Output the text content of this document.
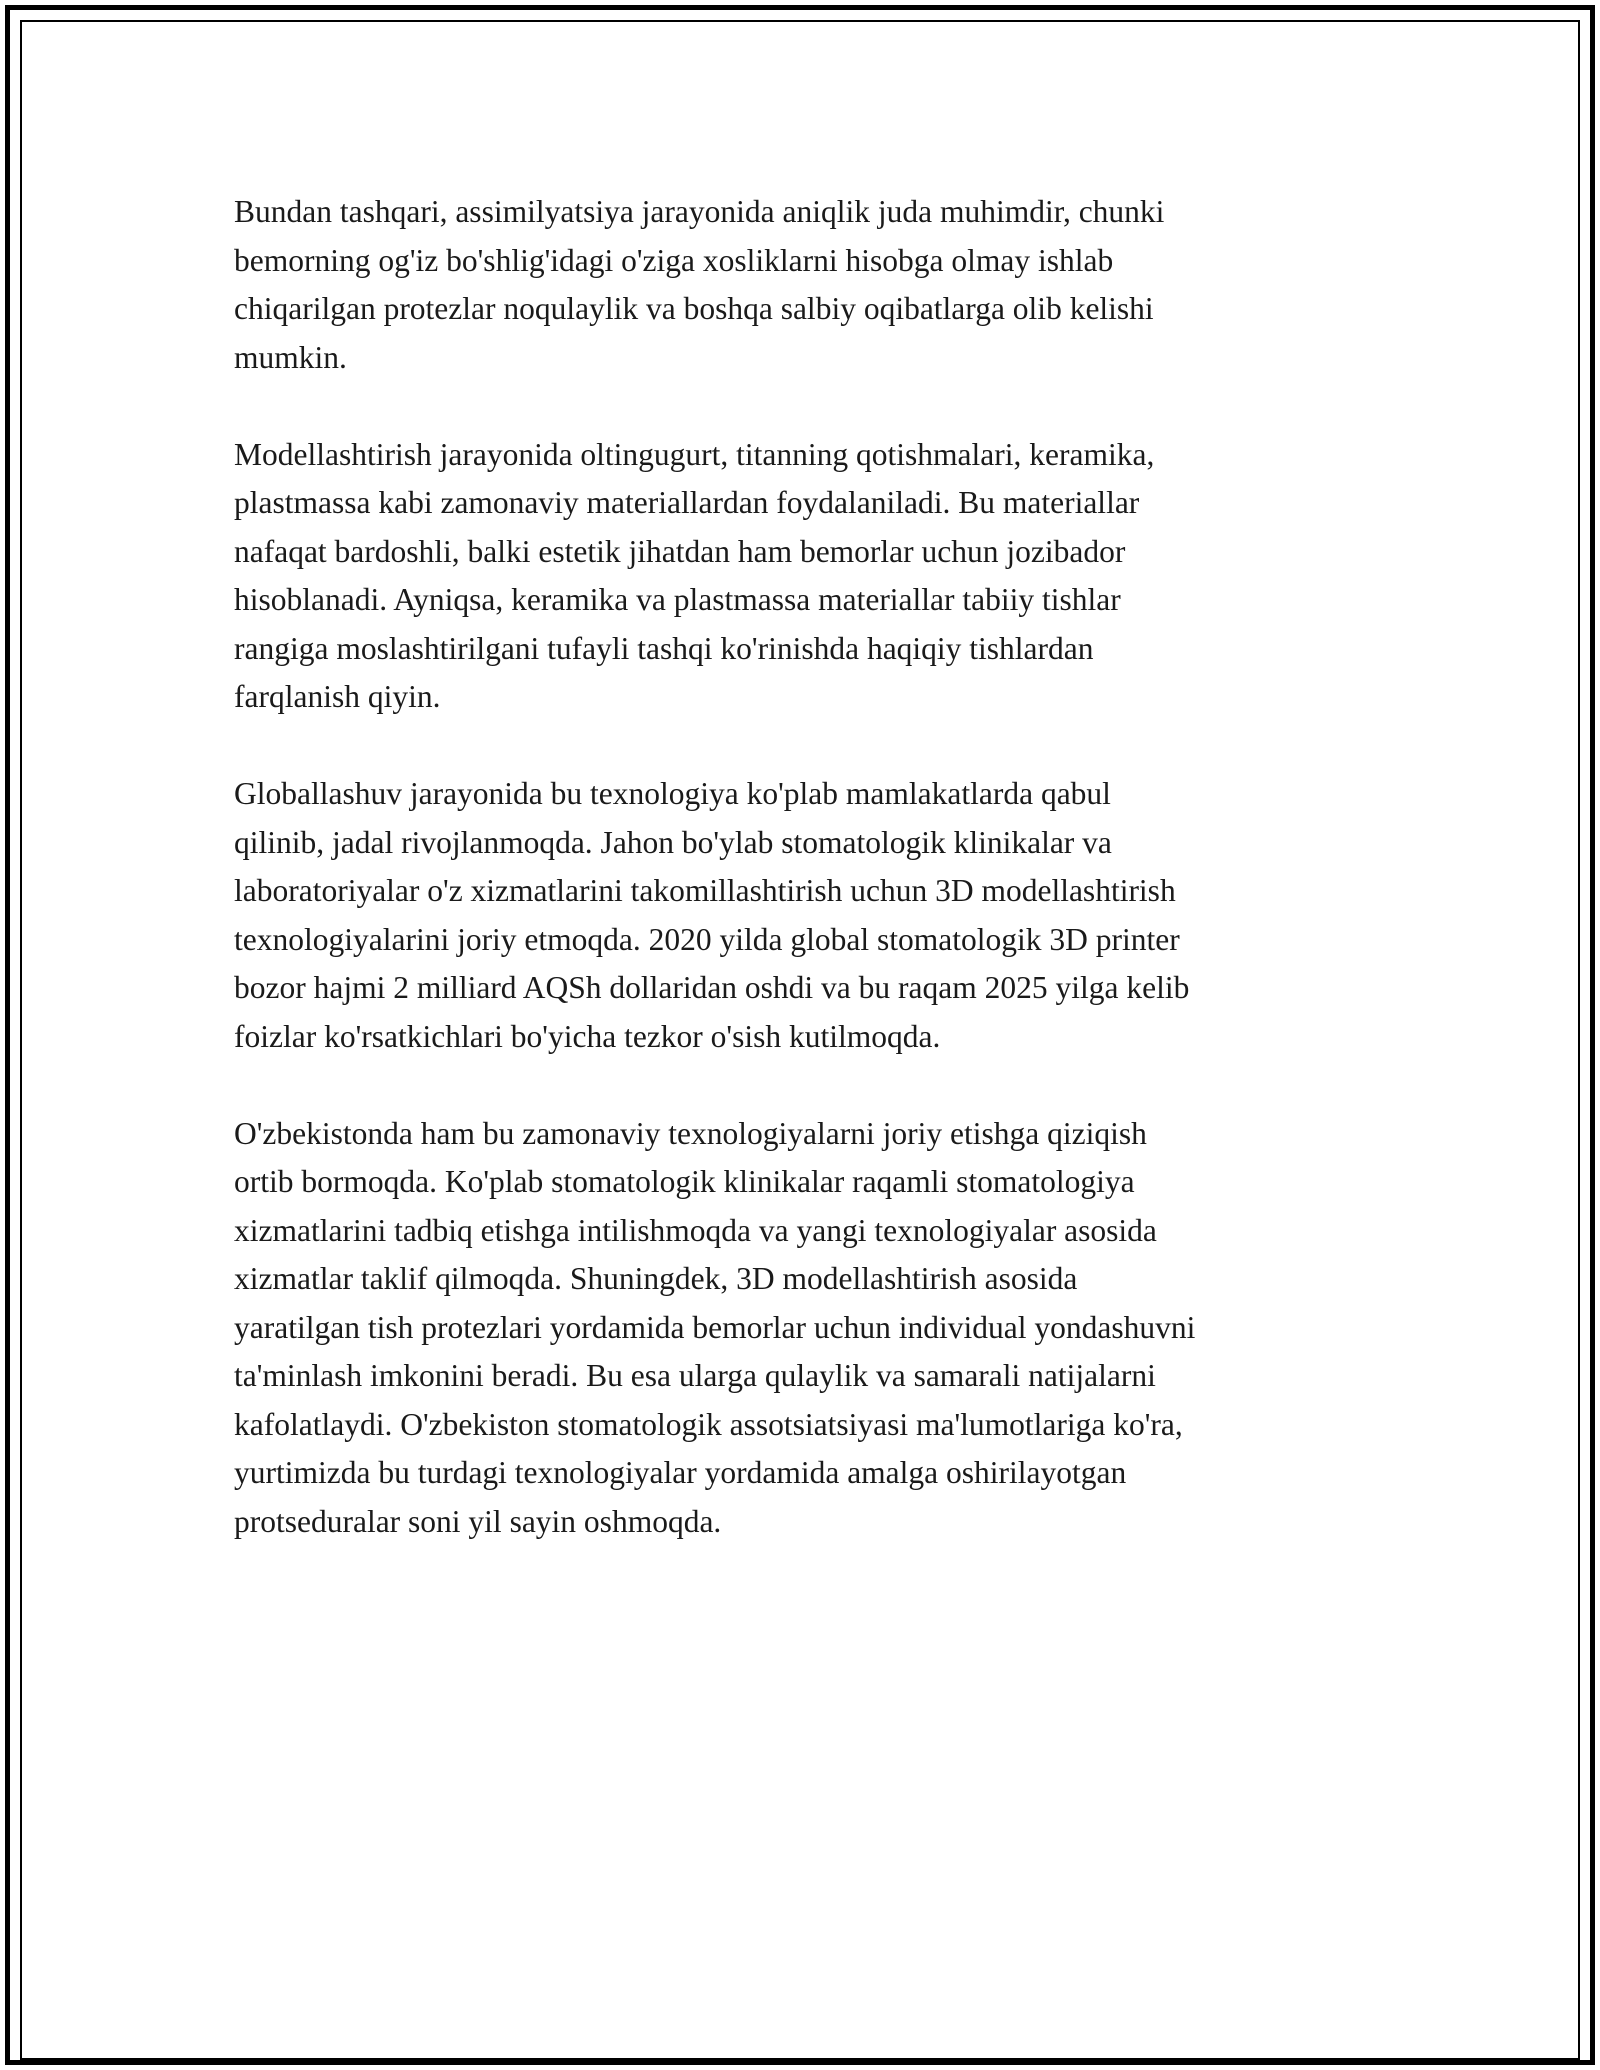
Bundan tashqari, assimilyatsiya jarayonida aniqlik juda muhimdir, chunki
bemorning og'iz bo'shlig'idagi o'ziga xosliklarni hisobga olmay ishlab
chiqarilgan protezlar noqulaylik va boshqa salbiy oqibatlarga olib kelishi
mumkin.

Modellashtirish jarayonida oltingugurt, titanning qotishmalari, keramika,
plastmassa kabi zamonaviy materiallardan foydalaniladi. Bu materiallar
nafaqat bardoshli, balki estetik jihatdan ham bemorlar uchun jozibador
hisoblanadi. Ayniqsa, keramika va plastmassa materiallar tabiiy tishlar
rangiga moslashtirilgani tufayli tashqi ko'rinishda haqiqiy tishlardan
farqlanish qiyin.

Globallashuv jarayonida bu texnologiya ko'plab mamlakatlarda qabul
qilinib, jadal rivojlanmoqda. Jahon bo'ylab stomatologik klinikalar va
laboratoriyalar o'z xizmatlarini takomillashtirish uchun 3D modellashtirish
texnologiyalarini joriy etmoqda. 2020 yilda global stomatologik 3D printer
bozor hajmi 2 milliard AQSh dollaridan oshdi va bu raqam 2025 yilga kelib
foizlar ko'rsatkichlari bo'yicha tezkor o'sish kutilmoqda.

O'zbekistonda ham bu zamonaviy texnologiyalarni joriy etishga qiziqish
ortib bormoqda. Ko'plab stomatologik klinikalar raqamli stomatologiya
xizmatlarini tadbiq etishga intilishmoqda va yangi texnologiyalar asosida
xizmatlar taklif qilmoqda. Shuningdek, 3D modellashtirish asosida
yaratilgan tish protezlari yordamida bemorlar uchun individual yondashuvni
ta'minlash imkonini beradi. Bu esa ularga qulaylik va samarali natijalarni
kafolatlaydi. O'zbekiston stomatologik assotsiatsiyasi ma'lumotlariga ko'ra,
yurtimizda bu turdagi texnologiyalar yordamida amalga oshirilayotgan
protseduralar soni yil sayin oshmoqda.
